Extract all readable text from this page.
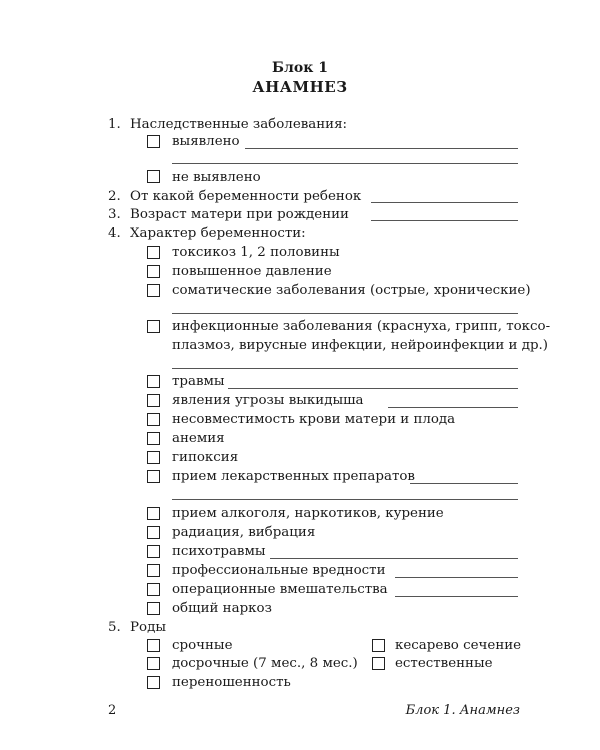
Блок 1
АНАМНЕЗ
1. Наследственные заболевания:
выявлено
не выявлено
2. От какой беременности ребенок
3. Возраст матери при рождении
4. Характер беременности:
токсикоз 1, 2 половины
повышенное давление
соматические заболевания (острые, хронические)
инфекционные заболевания (краснуха, грипп, токсо-
плазмоз, вирусные инфекции, нейроинфекции и др.)
травмы
явления угрозы выкидыша
несовместимость крови матери и плода
анемия
гипоксия
прием лекарственных препаратов
прием алкоголя, наркотиков, курение
радиация, вибрация
психотравмы
профессиональные вредности
операционные вмешательства
общий наркоз
5. Роды
срочные	кесарево сечение
досрочные (7 мес., 8 мес.)	естественные
переношенность
2	Блок 1. Анамнез
